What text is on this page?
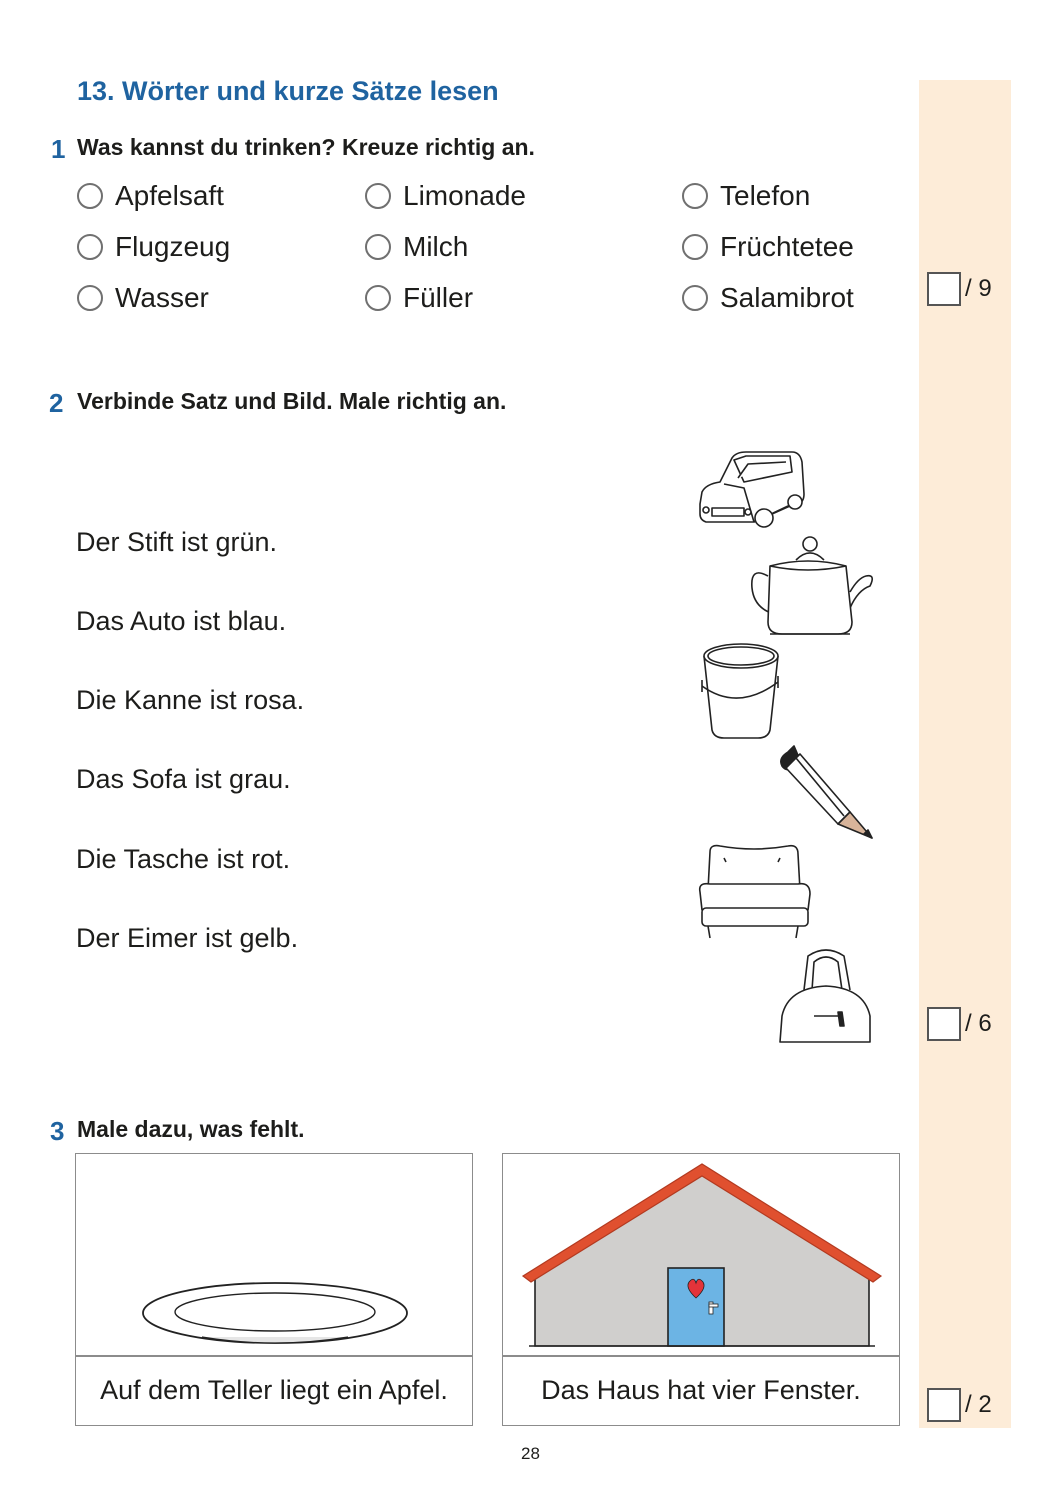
13. Wörter und kurze Sätze lesen
1 Was kannst du trinken? Kreuze richtig an.
Apfelsaft	Limonade	Telefon
Flugzeug	Milch	Früchtetee
Wasser	Füller	Salamibrot	/ 9
2 Verbinde Satz und Bild. Male richtig an.
Der Stift ist grün.
Das Auto ist blau.
Die Kanne ist rosa.
Das Sofa ist grau.
Die Tasche ist rot.
Der Eimer ist gelb.
/ 6
3 Male dazu, was fehlt.
Auf dem Teller liegt ein Apfel.	Das Haus hat vier Fenster.	/ 2
28
